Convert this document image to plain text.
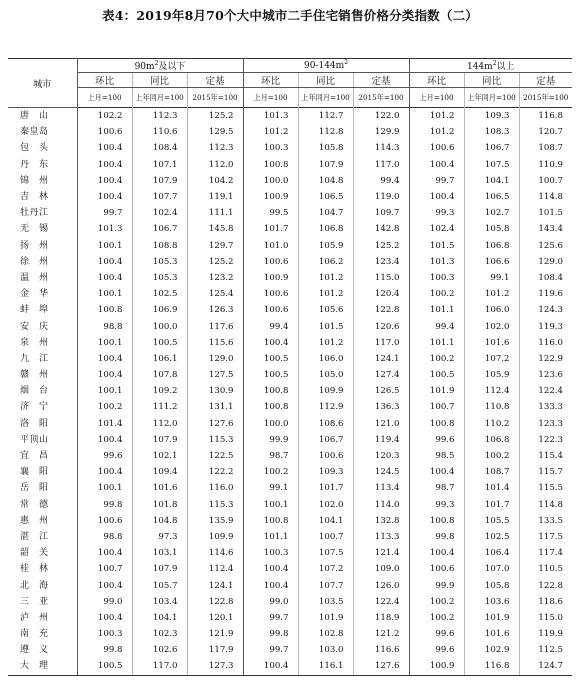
表4：2019年8月70个大中城市二手住宅销售价格分类指数（二）
城市	$90m^2$及以下			$90-144m^2$			$144m^2$以上		
	环比	同比	定基	环比	同比	定基	环比	同比	定基
	上月=100	上年同月=100	2015年=100	上月=100	上年同月=100	2015年=100	上月=100	上年同月=100	2015年=100
唐　山	102.2	112.3	125.2	101.3	112.7	122.0	101.2	109.3	116.8
秦皇岛	100.6	110.6	129.5	101.2	112.8	129.9	101.2	108.3	120.7
包　头	100.4	108.4	112.3	100.3	105.8	114.3	100.6	106.7	108.7
丹　东	100.4	107.1	112.0	100.8	107.9	117.0	100.4	107.5	110.9
锦　州	100.4	107.9	104.2	100.0	104.8	99.4	99.7	104.1	100.7
吉　林	100.4	107.7	119.1	100.9	106.5	119.0	100.4	106.5	114.8
牡丹江	99.7	102.4	111.1	99.5	104.7	109.7	99.3	102.7	101.5
无　锡	101.3	106.7	145.8	101.7	106.8	142.8	102.4	105.8	143.4
扬　州	100.1	108.8	129.7	101.0	105.9	125.2	101.5	106.8	125.6
徐　州	100.4	105.3	125.2	100.6	106.2	123.4	101.3	106.6	129.0
温　州	100.4	105.3	123.2	100.9	101.2	115.0	100.3	99.1	108.4
金　华	100.1	102.5	125.4	100.6	101.2	120.4	100.2	101.2	119.6
蚌　埠	100.8	106.9	126.3	100.6	105.6	122.8	101.1	106.0	124.3
安　庆	98.8	100.0	117.6	99.4	101.5	120.6	99.4	102.0	119.3
泉　州	100.1	100.5	115.6	100.4	101.2	117.0	101.1	101.6	116.0
九　江	100.4	106.1	129.0	100.5	106.0	124.1	100.2	107.2	122.9
赣　州	100.4	107.8	127.5	100.5	105.0	127.4	100.5	105.9	123.6
烟　台	100.1	109.2	130.9	100.8	109.9	126.5	101.9	112.4	122.4
济　宁	100.2	111.2	131.1	100.8	112.9	136.3	100.7	110.8	133.3
洛　阳	101.4	112.0	127.6	100.0	108.6	121.0	100.8	110.2	123.3
平顶山	100.4	107.9	115.3	99.9	106.7	119.4	99.6	106.8	122.3
宜　昌	99.6	102.1	122.5	98.7	100.6	120.3	98.5	100.2	115.4
襄　阳	100.4	109.4	122.2	100.2	109.3	124.5	100.4	108.7	115.7
岳　阳	100.1	101.6	116.0	99.1	101.7	113.4	98.7	101.4	115.5
常　德	99.8	101.8	115.3	100.1	102.0	114.0	99.3	101.7	114.8
惠　州	100.6	104.8	135.9	100.8	104.1	132.8	100.8	105.5	133.5
湛　江	98.8	97.3	109.9	101.1	100.7	113.3	99.8	102.5	117.5
韶　关	100.4	103.1	114.6	100.3	107.5	121.4	100.4	106.4	117.4
桂　林	100.7	107.9	112.4	100.4	107.2	109.0	100.6	107.0	110.5
北　海	100.4	105.7	124.1	100.4	107.7	126.0	99.9	105.8	122.8
三　亚	99.0	103.4	122.8	99.0	103.5	122.4	100.2	103.6	118.6
泸　州	100.4	104.1	120.1	99.7	101.9	118.9	100.2	101.9	115.0
南　充	100.3	102.3	121.9	99.8	102.8	121.2	99.6	101.6	119.9
遵　义	99.8	102.6	117.9	99.7	103.0	116.6	99.6	102.9	112.5
大　理	100.5	117.0	127.3	100.4	116.1	127.6	100.9	116.8	124.7
